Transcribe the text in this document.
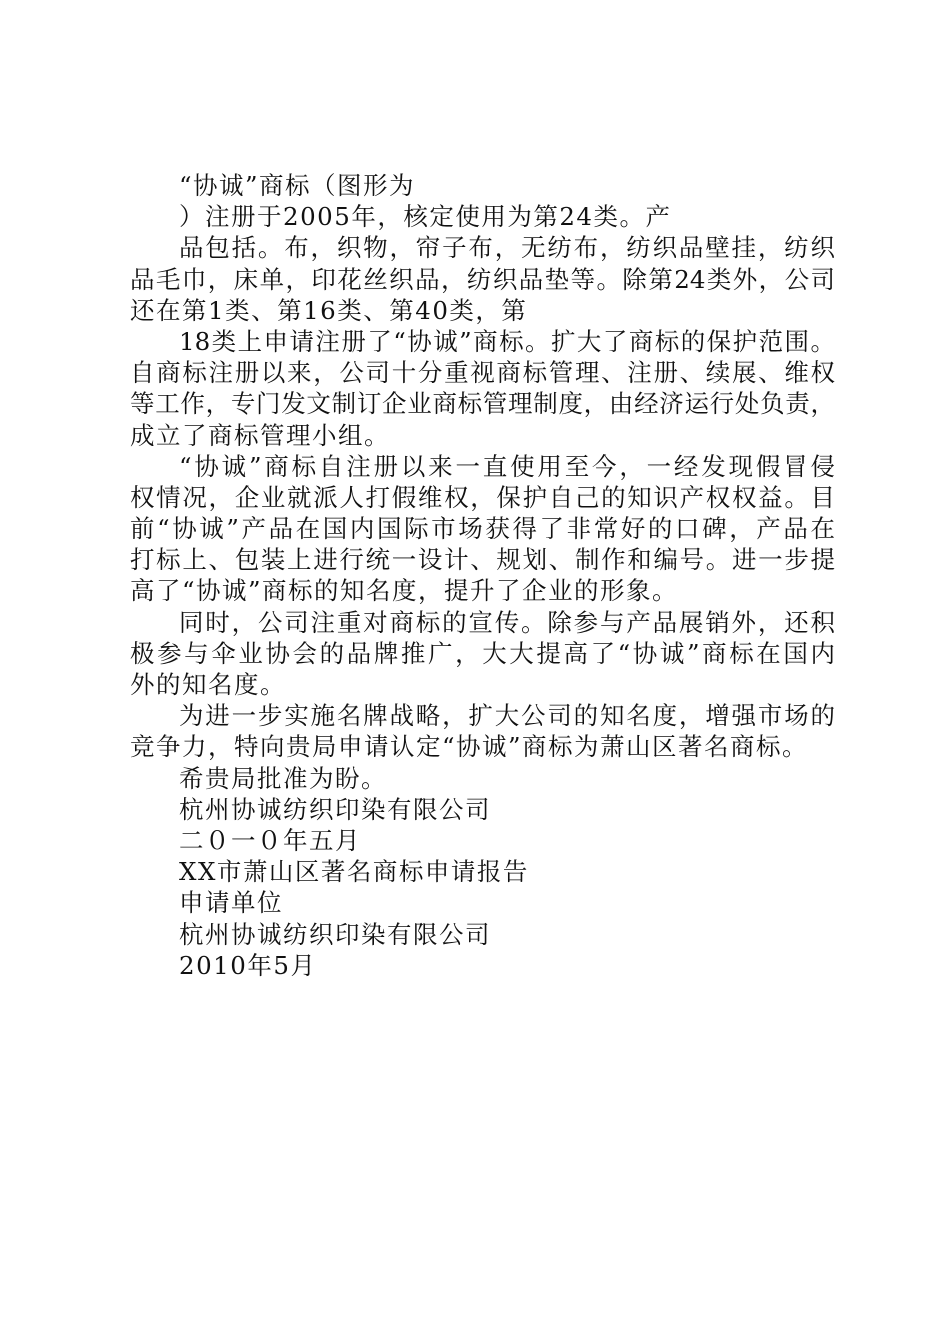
“协诚”商标（图形为
）注册于2005年，核定使用为第24类。产
品包括。布，织物，帘子布，无纺布，纺织品壁挂，纺织
品毛巾，床单，印花丝织品，纺织品垫等。除第24类外，公司
还在第1类、第16类、第40类，第
18类上申请注册了“协诚”商标。扩大了商标的保护范围。
自商标注册以来，公司十分重视商标管理、注册、续展、维权
等工作，专门发文制订企业商标管理制度，由经济运行处负责，
成立了商标管理小组。
“协诚”商标自注册以来一直使用至今，一经发现假冒侵
权情况，企业就派人打假维权，保护自己的知识产权权益。目
前“协诚”产品在国内国际市场获得了非常好的口碑，产品在
打标上、包装上进行统一设计、规划、制作和编号。进一步提
高了“协诚”商标的知名度，提升了企业的形象。
同时，公司注重对商标的宣传。除参与产品展销外，还积
极参与伞业协会的品牌推广，大大提高了“协诚”商标在国内
外的知名度。
为进一步实施名牌战略，扩大公司的知名度，增强市场的
竞争力，特向贵局申请认定“协诚”商标为萧山区著名商标。
希贵局批准为盼。
杭州协诚纺织印染有限公司
二０一０年五月
XX市萧山区著名商标申请报告
申请单位
杭州协诚纺织印染有限公司
2010年5月
